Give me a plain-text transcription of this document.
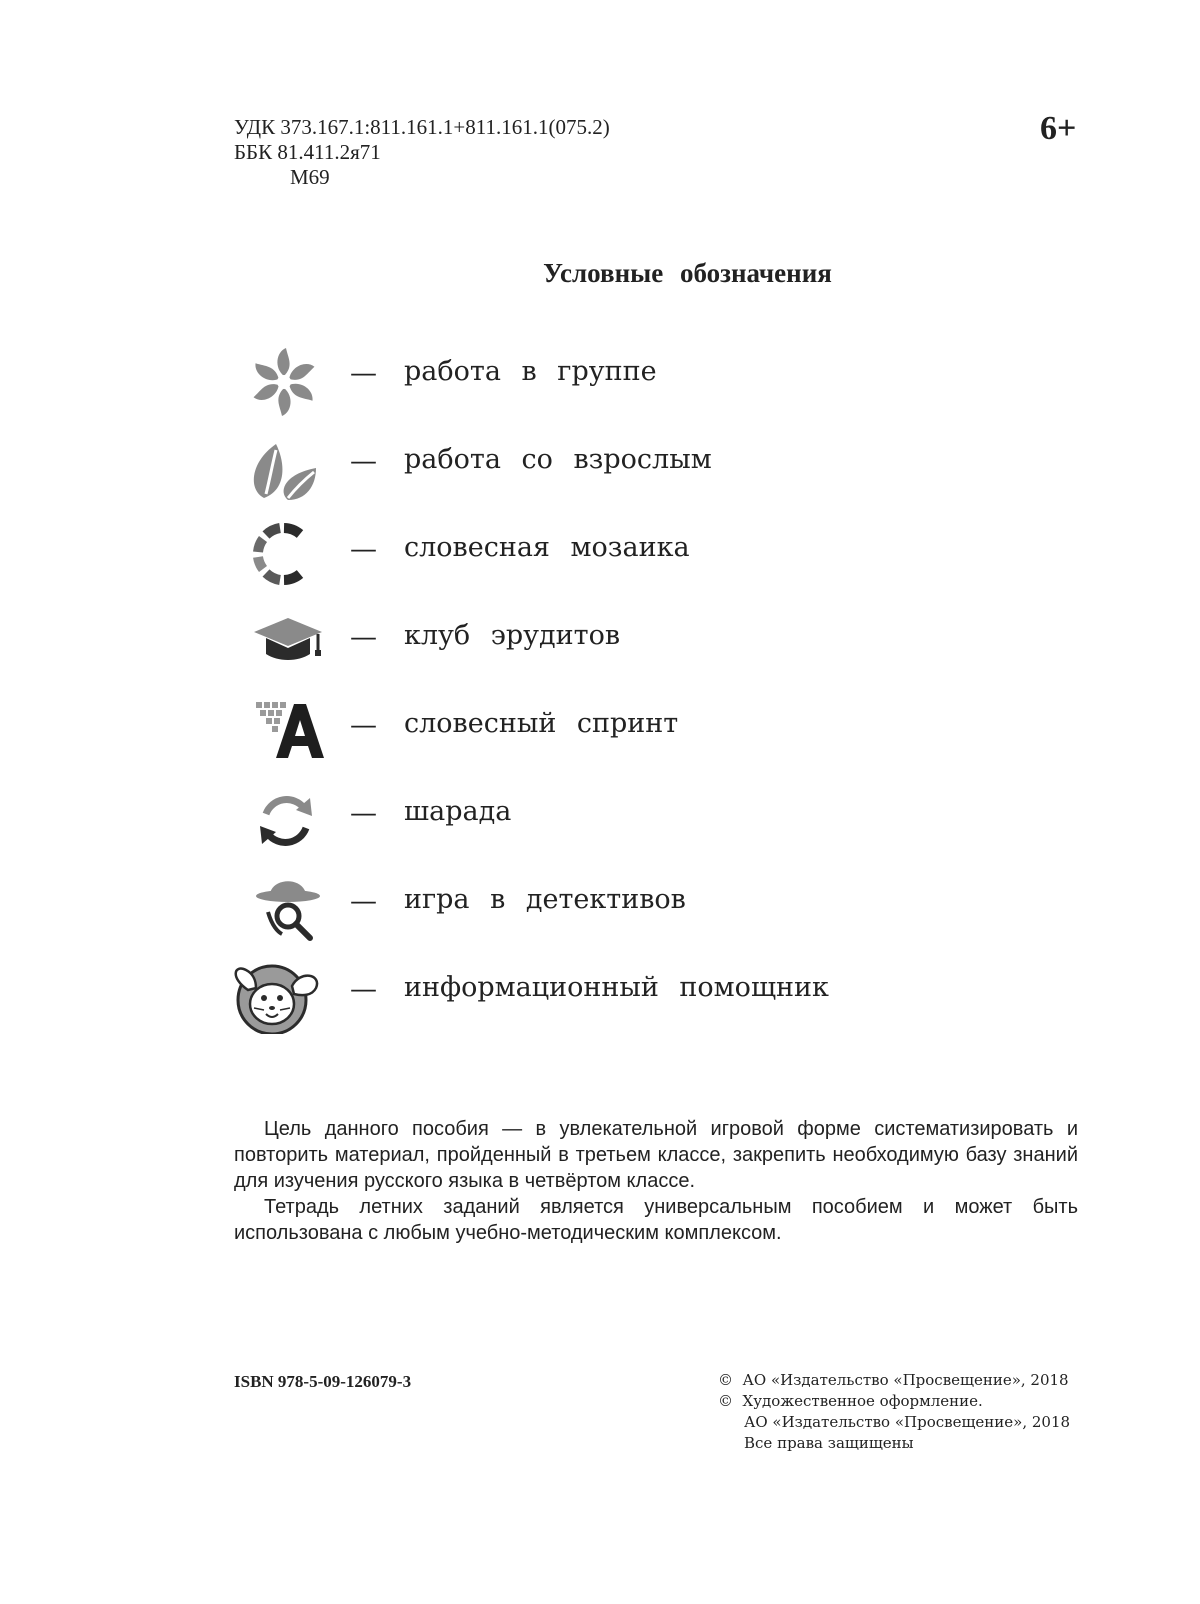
УДК 373.167.1:811.161.1+811.161.1(075.2)
ББК 81.411.2я71
М69
6+
Условные обозначения
— работа в группе
— работа со взрослым
— словесная мозаика
— клуб эрудитов
— словесный спринт
— шарада
— игра в детективов
— информационный помощник

Цель данного пособия — в увлекательной игровой форме систематизировать и повторить материал, пройденный в третьем классе, закрепить необходимую базу знаний для изучения русского языка в четвёртом классе.

Тетрадь летних заданий является универсальным пособием и может быть использована с любым учебно-методическим комплексом.

ISBN 978-5-09-126079-3	© АО «Издательство «Просвещение», 2018
© Художественное оформление.
АО «Издательство «Просвещение», 2018
Все права защищены
